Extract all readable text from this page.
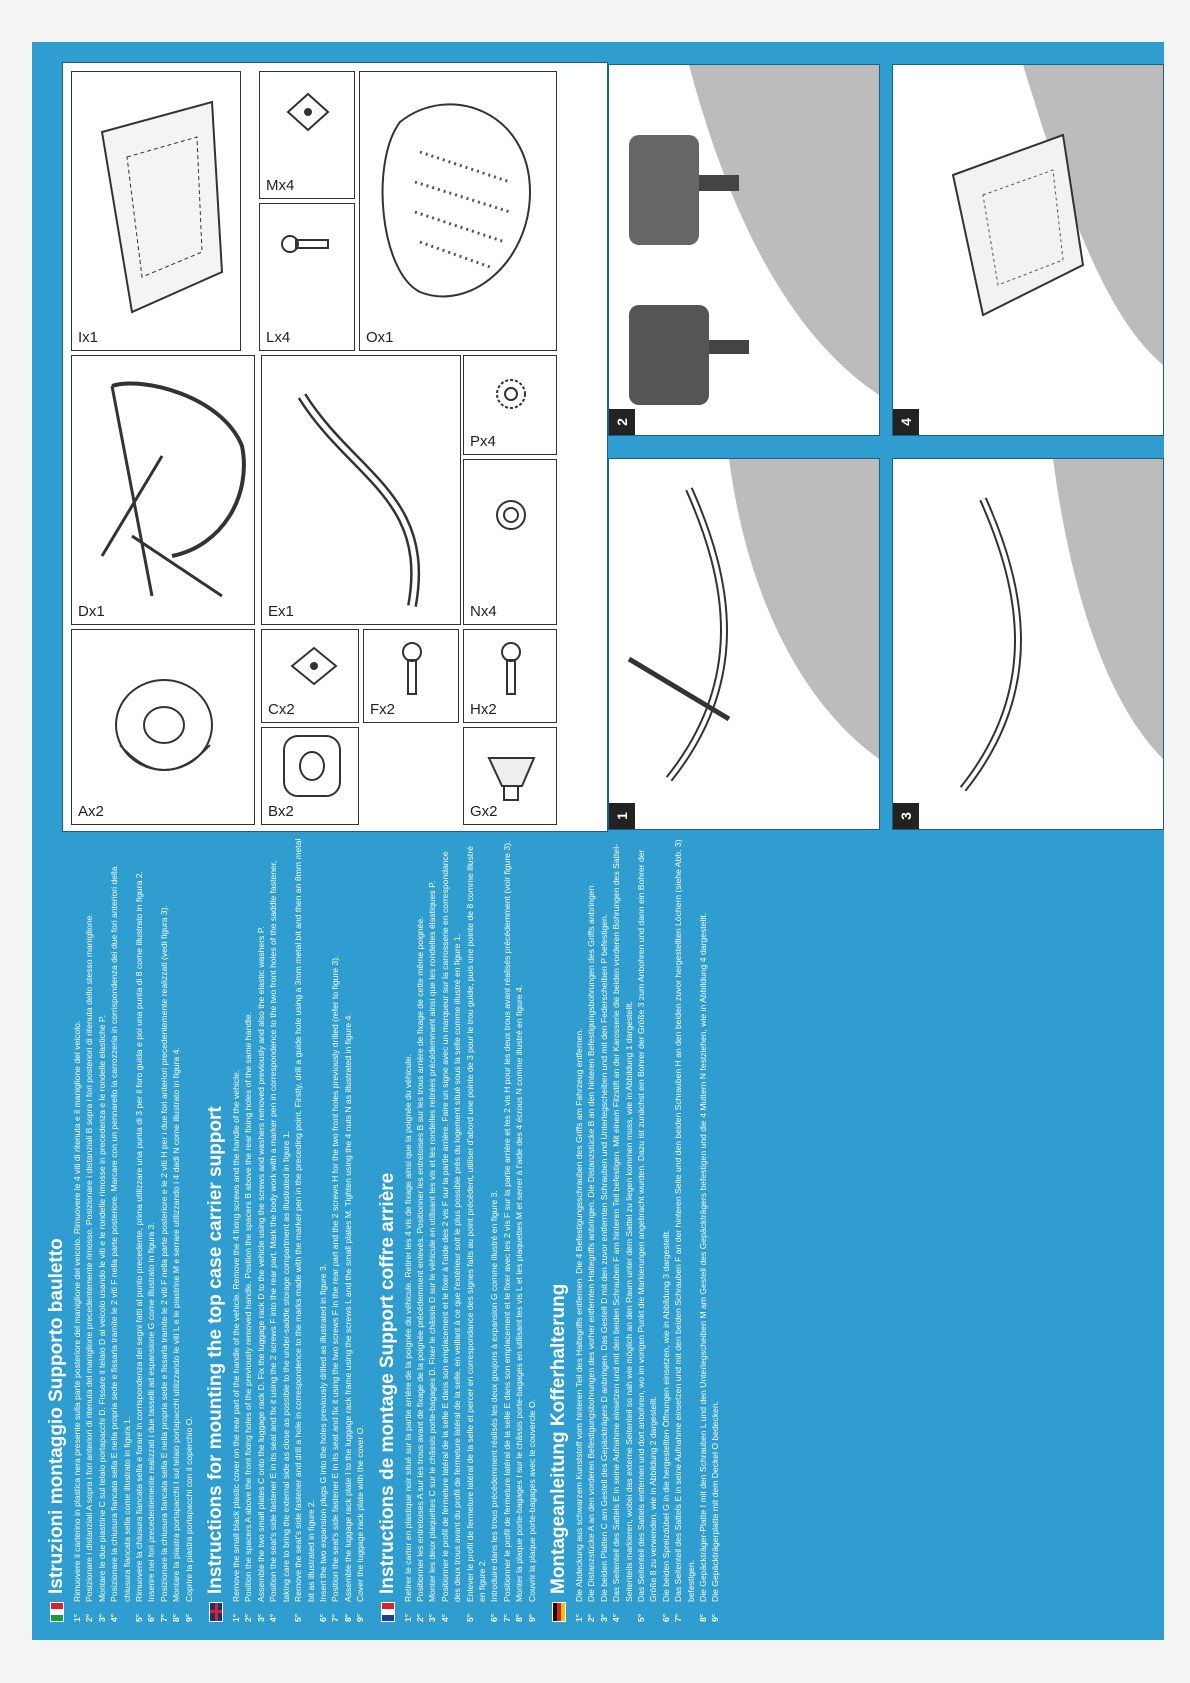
Ax2	Bx2
Cx2	Fx2
Gx2
Hx2
Dx1	Ex1	Nx4
Px4
Ix1	Lx4
Mx4
Ox1
1
2
3
4
Istruzioni montaggio Supporto bauletto
1°
Rimuovere il carterino in plastica nera presente sulla parte posteriore del maniglione del veicolo. Rimuovere le 4 viti di ritenuta e il maniglione del veicolo.
2°
Posizionare i distanziali A sopra i fori anteriori di ritenuta del maniglione precedentemente rimosso. Posizionare i distanziali B sopra i fori posteriori di ritenuta dello stesso maniglione.
3°
Montare le due piastrine C sul telaio portapacchi D. Fissare il telaio D al veicolo usando le viti e le rondelle rimosse in precedenza e le rondelle elastiche P.
4°
Posizionare la chiusura fiancata sella E nella propria sede e fissarla tramite le 2 viti F nella parte posteriore. Marcare con un pennarello la carrozzeria in corrispondenza dei due fori anteriori della chiusura fiancata sella come illustrato in figura 1.
5°
Rimuovere la chiusura fiancata sella e forare in corrispondenza dei segni fatti al punto precedente, prima utilizzare una punta di 3 per il foro guida e poi una punta di 8 come illustrato in figura 2.
6°
Inserire nei fori precedentemente realizzati i due tasselli ad espansione G come illustrato in figura 3.
7°
Posizionare la chiusura fiancata sella E nella propria sede e fissarla tramite le 2 viti F nella parte posteriore e le 2 viti H per i due fori anteriori precedentemente realizzati (vedi figura 3).
8°
Montare la piastra portapacchi I sul telaio portapacchi utilizzando le viti L e le piastrine M e serrare utilizzando i 4 dadi N come illustrato in figura 4.
9°
Coprire la piastra portapacchi con il coperchio O. Instructions for mounting the top case carrier support
1°
Remove the small black plastic cover on the rear part of the handle of the vehicle. Remove the 4 fixing screws and the handle of the vehicle.
2°
Position the spacers A above the front fixing holes of the previously removed handle. Position the spacers B above the rear fixing holes of the same handle.
3°
Assemble the two small plates C onto the luggage rack D. Fix the luggage rack D to the vehicle using the screws and washers removed previously and also the elastic washers P.
4°
Position the seat's side fastener E in its seat and fix it using the 2 screws F into the rear part. Mark the body work with a marker pen in correspondence to the two front holes of the saddle fastener, taking care to bring the external side as close as possible to the under-saddle storage compartment as illustrated in figure 1.
5°
Remove the seat's side fastener and drill a hole in correspondence to the marks made with the marker pen in the preceding point. Firstly, drill a guide hole using a 3mm metal bit and then an 8mm metal bit as illustrated in figure 2.
6°
Insert the two expansion plugs G into the holes previously drilled as illustrated in figure 3.
7°
Position the seat's side fastener E in its seat and fix it using the two screws F in the rear part and the 2 screws H for the two front holes previously drilled (refer to figure 3).
8°
Assemble the luggage rack plate I to the luggage rack frame using the screws L and the small plates M. Tighten using the 4 nuts N as illustrated in figure 4.
9°
Cover the luggage rack plate with the cover O. Instructions de montage Support coffre arrière
1°
Retirer le carter en plastique noir situé sur la partie arrière de la poignée du véhicule. Retirer les 4 vis de fixage ainsi que la poignée du véhicule.
2°
Positionner les entretoises A sur les trous avant de fixage de la poignée précédemment enlevés. Positionner les entretoises B sur les trous arrière de fixage de cette même poignée.
3°
Monter les deux plaquettes C sur le châssis porte-bagages D. Fixer le châssis D sur le véhicule en utilisant les vis et les rondelles retirées précédemment ainsi que les rondelles élastiques P.
4°
Positionner le profil de fermeture latéral de la selle E dans son emplacement et le fixer à l'aide des 2 vis F sur la partie arrière. Faire un signe avec un marqueur sur la carrosserie en correspondance des deux trous avant du profil de fermeture latéral de la selle, en veillant à ce que l'extérieur soit le plus possible près du logement situé sous la selle comme illustré en figure 1.
5°
Enlever le profil de fermeture latéral de la selle et percer en correspondance des signes faits au point précédent, utiliser d'abord une pointe de 3 pour le trou guide, puis une pointe de 8 comme illustré en figure 2.
6°
Introduire dans les trous précédemment réalisés les deux goujons à expansion G comme illustré en figure 3.
7°
Positionner le profil de fermeture latéral de la selle E dans son emplacement et le fixer avec les 2 vis F sur la partie arrière et les 2 vis H pour les deux trous avant réalisés précédemment (voir figure 3).
8°
Monter la plaque porte-bagages I sur le châssis porte-bagages en utilisant les vis L et les plaquettes M et serrer à l'aide des 4 écrous N comme illustré en figure 4.
9°
Couvrir la plaque porte-bagages avec le couvercle O. Montageanleitung Kofferhalterung
1°
Die Abdeckung aus schwarzem Kunststoff vom hinteren Teil des Haltegriffs entfernen. Die 4 Befestigungsschrauben des Griffs am Fahrzeug entfernen.
2°
Die Distanzstücke A an den vorderen Befestigungsbohrungen des vorher entfernten Haltegriffs anbringen. Die Distanzstücke B an den hinteren Befestigungsbohrungen des Griffs anbringen.
3°
Die beiden Platten C am Gestell des Gepäckträgers D anbringen. Das Gestell D mit den zuvor entfernten Schrauben und Unterlegscheiben und mit den Federscheiben P befestigen.
4°
Das Seitenteil des Sattels E in seine Aufnahme einsetzen und mit den beiden Schrauben F am hinteren Teil befestigen. Mit einem Filzstift an der Karosserie die beiden vorderen Bohrungen des Sattel-Seitenteils markieren, wobei das externe Seitenteil so nah wie möglich an den Raum unter dem Sattel zu liegen kommen muss, wie in Abbildung 1 dargestellt.
5°
Das Seitenteil des Sattels entfernen und dort anbohren, wo im vorigen Punkt die Markierungen angebracht wurden. Dazu ist zunächst ein Bohrer der Größe 3 zum Anbohren und dann ein Bohrer der Größe 8 zu verwenden, wie in Abbildung 2 dargestellt.
6°
Die beiden Spreizdübel G in die hergestellten Öffnungen einsetzen, wie in Abbildung 3 dargestellt.
7°
Das Seitenteil des Sattels E in seine Aufnahme einsetzen und mit den beiden Schrauben F an der hinteren Seite und den beiden Schrauben H an den beiden zuvor hergestellten Löchern (siehe Abb. 3) befestigen.
8°
Die Gepäckträger-Platte I mit den Schrauben L und den Unterlegscheiben M am Gestell des Gepäckträgers befestigen und die 4 Muttern N festziehen, wie in Abbildung 4 dargestellt.
9°
Die Gepäckträgerplatte mit dem Deckel O bedecken.
